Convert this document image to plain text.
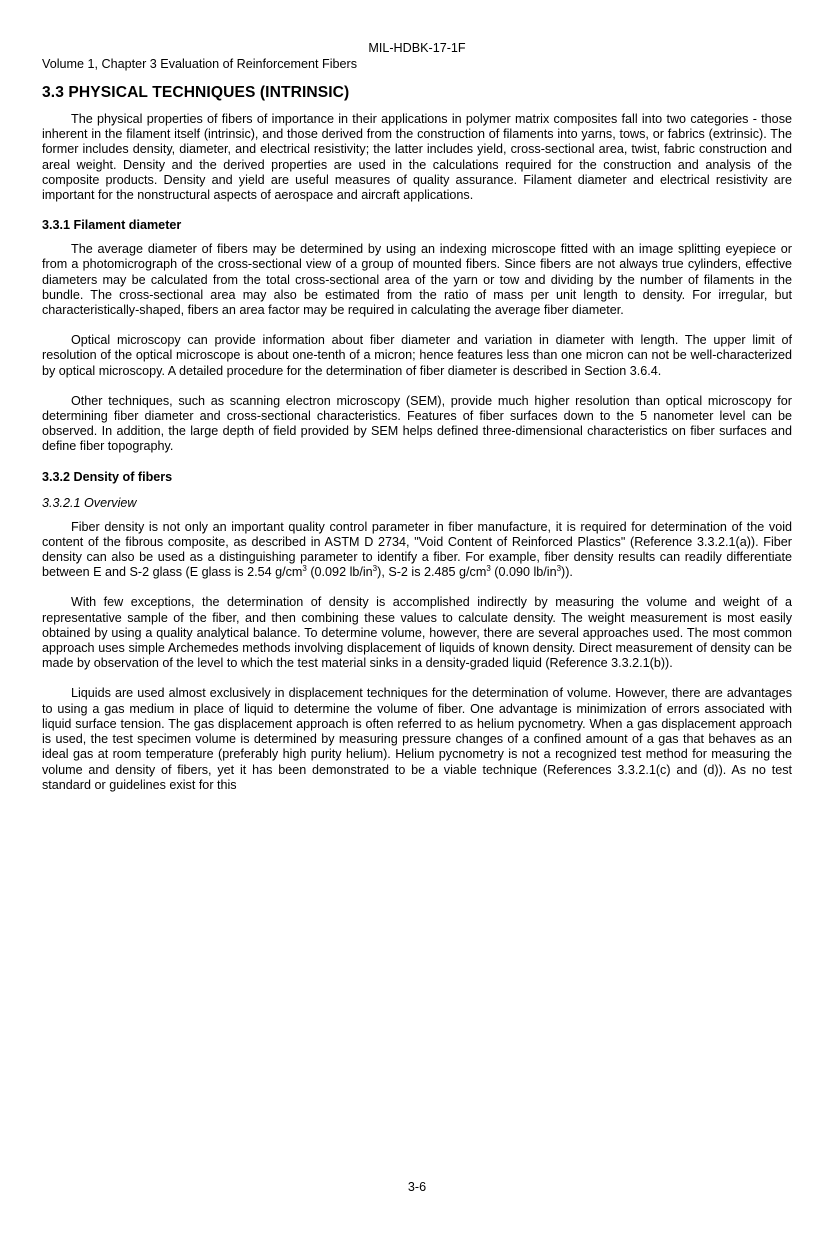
MIL-HDBK-17-1F
Volume 1, Chapter 3 Evaluation of Reinforcement Fibers
3.3 PHYSICAL TECHNIQUES (INTRINSIC)

The physical properties of fibers of importance in their applications in polymer matrix composites fall into two categories - those inherent in the filament itself (intrinsic), and those derived from the construction of filaments into yarns, tows, or fabrics (extrinsic). The former includes density, diameter, and electrical resistivity; the latter includes yield, cross-sectional area, twist, fabric construction and areal weight. Density and the derived properties are used in the calculations required for the construction and analysis of the composite products. Density and yield are useful measures of quality assurance. Filament diameter and electrical resistivity are important for the nonstructural aspects of aerospace and aircraft applications.

3.3.1 Filament diameter

The average diameter of fibers may be determined by using an indexing microscope fitted with an image splitting eyepiece or from a photomicrograph of the cross-sectional view of a group of mounted fibers. Since fibers are not always true cylinders, effective diameters may be calculated from the total cross-sectional area of the yarn or tow and dividing by the number of filaments in the bundle. The cross-sectional area may also be estimated from the ratio of mass per unit length to density. For irregular, but characteristically-shaped, fibers an area factor may be required in calculating the average fiber diameter.

Optical microscopy can provide information about fiber diameter and variation in diameter with length. The upper limit of resolution of the optical microscope is about one-tenth of a micron; hence features less than one micron can not be well-characterized by optical microscopy. A detailed procedure for the determination of fiber diameter is described in Section 3.6.4.

Other techniques, such as scanning electron microscopy (SEM), provide much higher resolution than optical microscopy for determining fiber diameter and cross-sectional characteristics. Features of fiber surfaces down to the 5 nanometer level can be observed. In addition, the large depth of field provided by SEM helps defined three-dimensional characteristics on fiber surfaces and define fiber topography.

3.3.2 Density of fibers
3.3.2.1 Overview

Fiber density is not only an important quality control parameter in fiber manufacture, it is required for determination of the void content of the fibrous composite, as described in ASTM D 2734, "Void Content of Reinforced Plastics" (Reference 3.3.2.1(a)). Fiber density can also be used as a distinguishing parameter to identify a fiber. For example, fiber density results can readily differentiate between E and S-2 glass (E glass is 2.54 $g/cm^3$ (0.092 $lb/in^3$), S-2 is 2.485 $g/cm^3$ (0.090 $lb/in^3$)).

With few exceptions, the determination of density is accomplished indirectly by measuring the volume and weight of a representative sample of the fiber, and then combining these values to calculate density. The weight measurement is most easily obtained by using a quality analytical balance. To determine volume, however, there are several approaches used. The most common approach uses simple Archemedes methods involving displacement of liquids of known density. Direct measurement of density can be made by observation of the level to which the test material sinks in a density-graded liquid (Reference 3.3.2.1(b)).

Liquids are used almost exclusively in displacement techniques for the determination of volume. However, there are advantages to using a gas medium in place of liquid to determine the volume of fiber. One advantage is minimization of errors associated with liquid surface tension. The gas displacement approach is often referred to as helium pycnometry. When a gas displacement approach is used, the test specimen volume is determined by measuring pressure changes of a confined amount of a gas that behaves as an ideal gas at room temperature (preferably high purity helium). Helium pycnometry is not a recognized test method for measuring the volume and density of fibers, yet it has been demonstrated to be a viable technique (References 3.3.2.1(c) and (d)). As no test standard or guidelines exist for this

3-6
